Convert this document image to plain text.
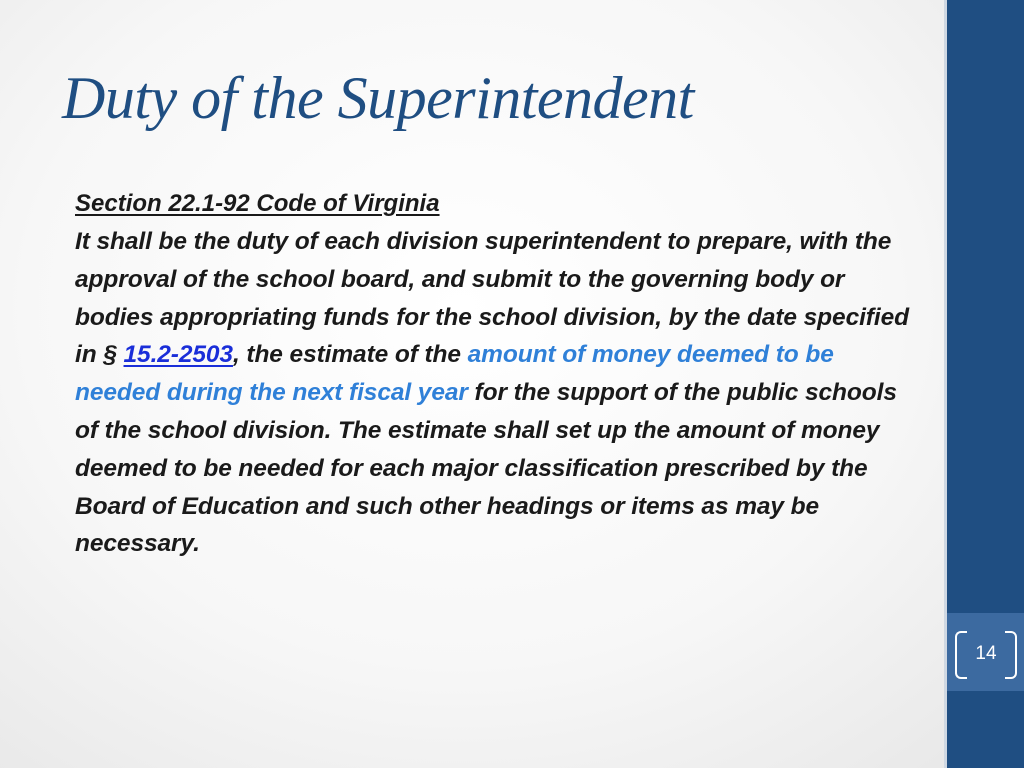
14
Duty of the Superintendent

Section 22.1-92 Code of Virginia

It shall be the duty of each division superintendent to prepare, with the approval of the school board, and submit to the governing body or bodies appropriating funds for the school division, by the date specified in § 15.2-2503, the estimate of the amount of money deemed to be needed during the next fiscal year for the support of the public schools of the school division. The estimate shall set up the amount of money deemed to be needed for each major classification prescribed by the Board of Education and such other headings or items as may be necessary.
